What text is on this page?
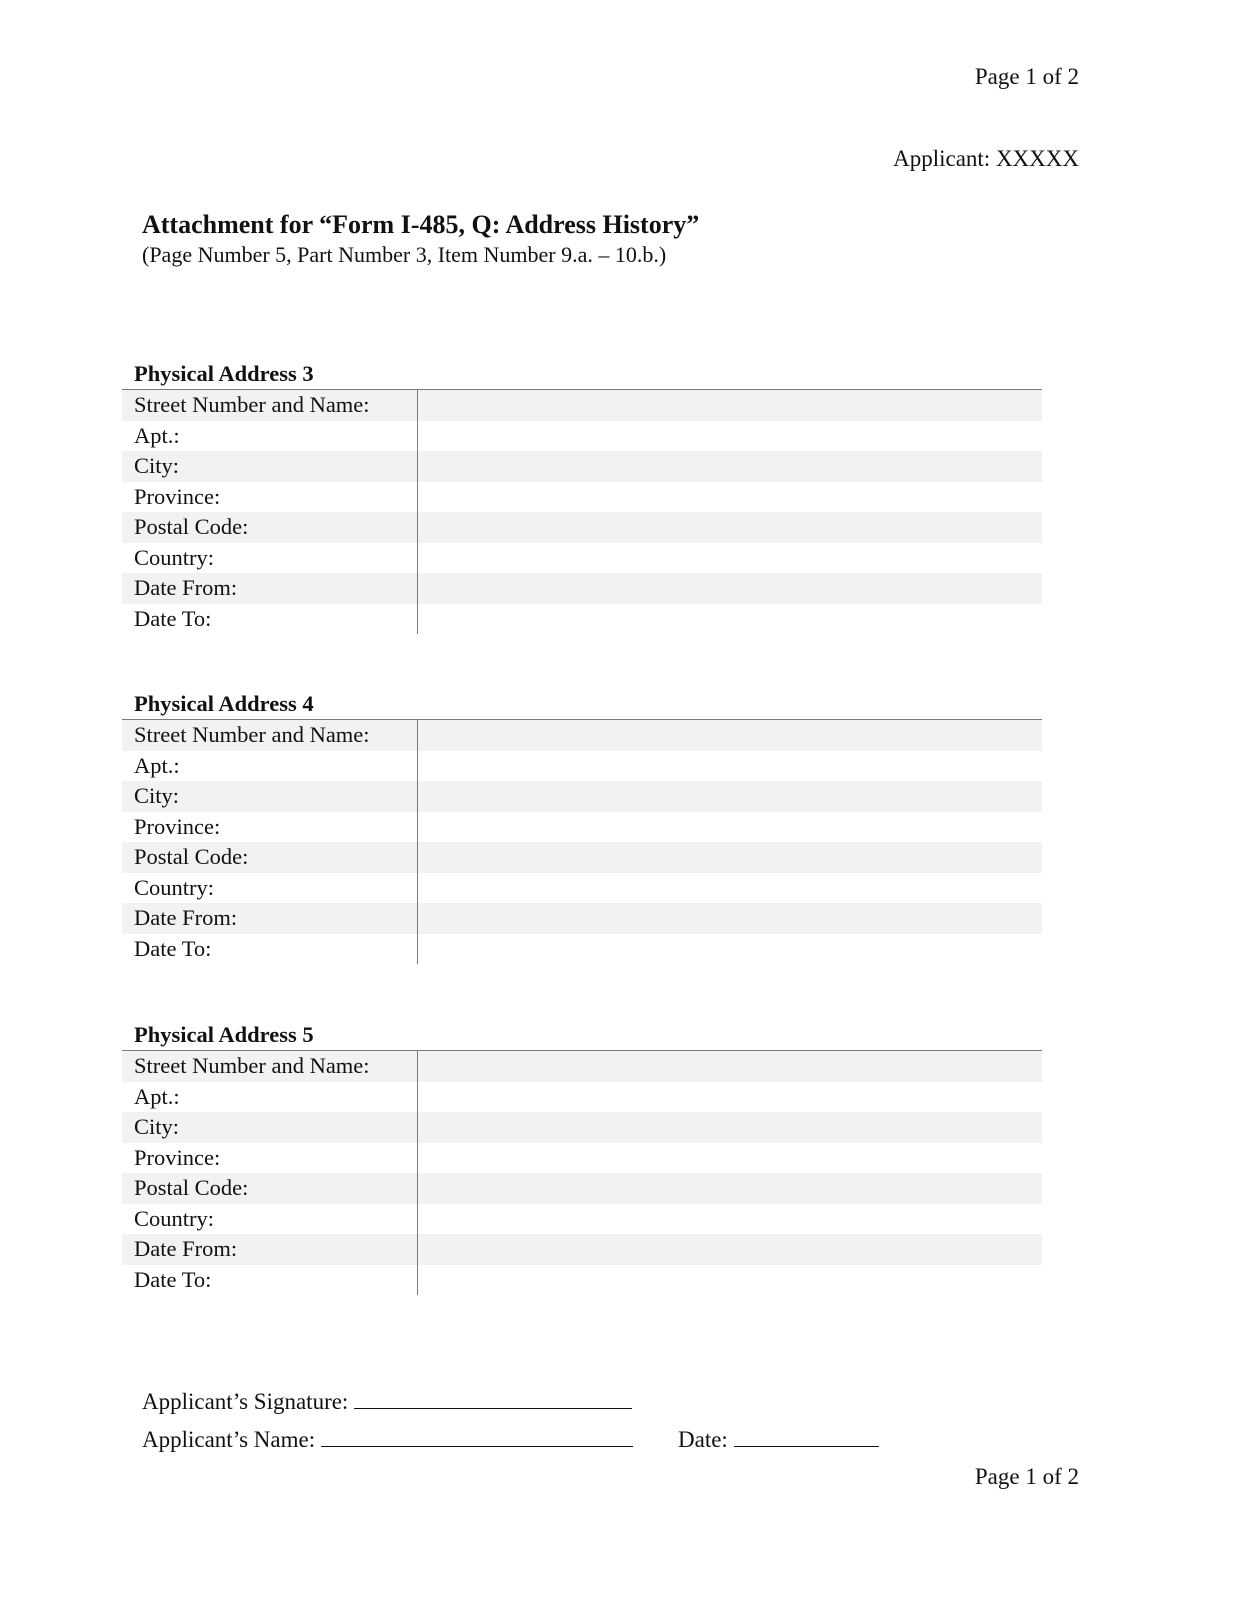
Page 1 of 2
Applicant: XXXXX
Attachment for “Form I-485, Q: Address History”
(Page Number 5, Part Number 3, Item Number 9.a. – 10.b.)
Physical Address 3
Street Number and Name:
Apt.:
City:
Province:
Postal Code:
Country:
Date From:
Date To:
Physical Address 4
Street Number and Name:
Apt.:
City:
Province:
Postal Code:
Country:
Date From:
Date To:
Physical Address 5
Street Number and Name:
Apt.:
City:
Province:
Postal Code:
Country:
Date From:
Date To:
Applicant’s Signature:
Applicant’s Name:	Date:
Page 1 of 2
